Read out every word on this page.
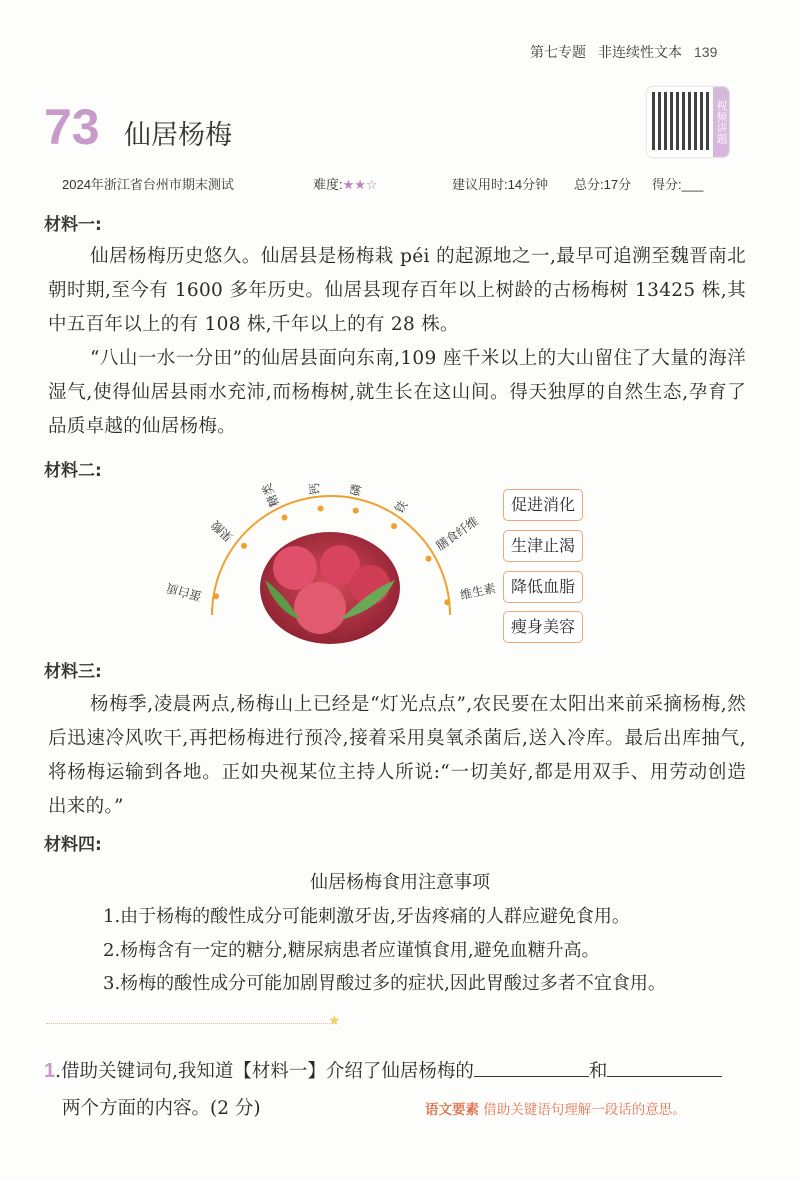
第七专题 非连续性文本 139
73 仙居杨梅	视频讲题
2024年浙江省台州市期末测试	难度:★★☆	建议用时:14分钟 总分:17分 得分:___
材料一:
仙居杨梅历史悠久。仙居县是杨梅栽 péi 的起源地之一,最早可追溯至魏晋南北朝时期,至今有 1600 多年历史。仙居县现存百年以上树龄的古杨梅树 13425 株,其中五百年以上的有 108 株,千年以上的有 28 株。
“八山一水一分田”的仙居县面向东南,109 座千米以上的大山留住了大量的海洋湿气,使得仙居县雨水充沛,而杨梅树,就生长在这山间。得天独厚的自然生态,孕育了品质卓越的仙居杨梅。
材料二:
蛋白质
果酸
糖类 钙 磷
铁
膳食纤维
维生素
促进消化
生津止渴
降低血脂
瘦身美容
材料三:
杨梅季,凌晨两点,杨梅山上已经是“灯光点点”,农民要在太阳出来前采摘杨梅,然后迅速冷风吹干,再把杨梅进行预冷,接着采用臭氧杀菌后,送入冷库。最后出库抽气,将杨梅运输到各地。正如央视某位主持人所说:“一切美好,都是用双手、用劳动创造出来的。”
材料四:
仙居杨梅食用注意事项
1.由于杨梅的酸性成分可能刺激牙齿,牙齿疼痛的人群应避免食用。
2.杨梅含有一定的糖分,糖尿病患者应谨慎食用,避免血糖升高。
3.杨梅的酸性成分可能加剧胃酸过多的症状,因此胃酸过多者不宜食用。
★
1.借助关键词句,我知道【材料一】介绍了仙居杨梅的	和
两个方面的内容。(2 分)	语文要素 借助关键语句理解一段话的意思。
